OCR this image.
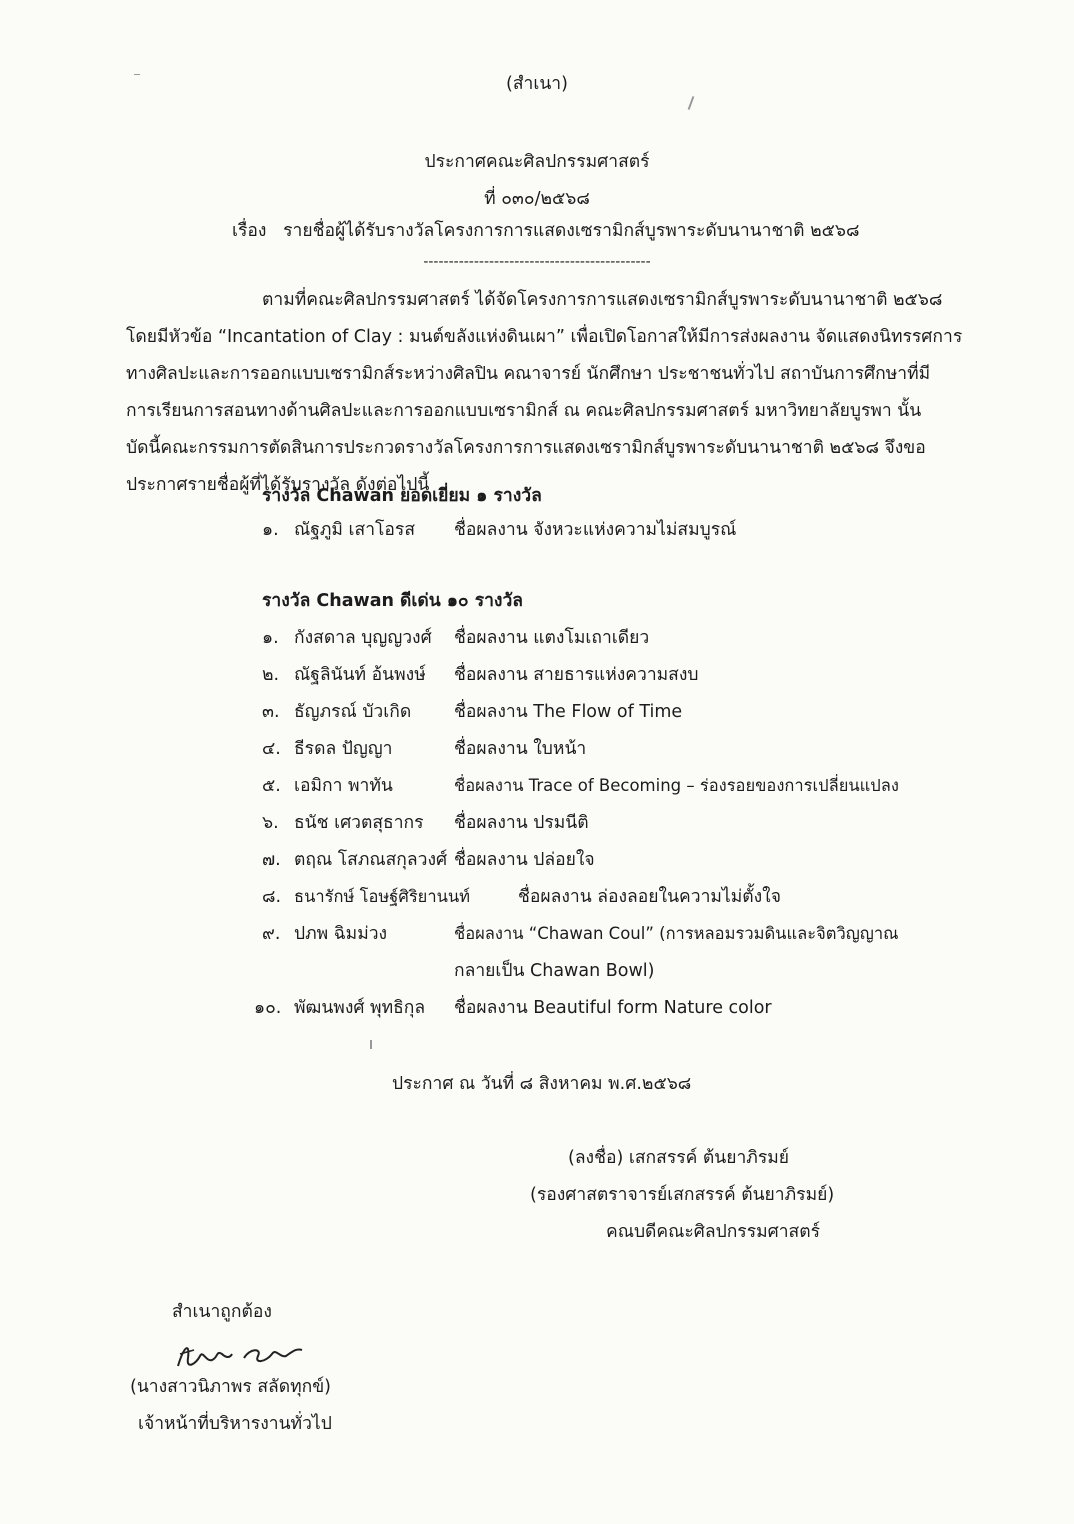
(สำเนา)
ประกาศคณะศิลปกรรมศาสตร์
ที่ ๐๓๐/๒๕๖๘
เรื่อง รายชื่อผู้ได้รับรางวัลโครงการการแสดงเซรามิกส์บูรพาระดับนานาชาติ ๒๕๖๘
---------------------------------------------
ตามที่คณะศิลปกรรมศาสตร์ ได้จัดโครงการการแสดงเซรามิกส์บูรพาระดับนานาชาติ ๒๕๖๘
โดยมีหัวข้อ “Incantation of Clay : มนต์ขลังแห่งดินเผา” เพื่อเปิดโอกาสให้มีการส่งผลงาน จัดแสดงนิทรรศการ
ทางศิลปะและการออกแบบเซรามิกส์ระหว่างศิลปิน คณาจารย์ นักศึกษา ประชาชนทั่วไป สถาบันการศึกษาที่มี
การเรียนการสอนทางด้านศิลปะและการออกแบบเซรามิกส์ ณ คณะศิลปกรรมศาสตร์ มหาวิทยาลัยบูรพา นั้น
บัดนี้คณะกรรมการตัดสินการประกวดรางวัลโครงการการแสดงเซรามิกส์บูรพาระดับนานาชาติ ๒๕๖๘ จึงขอ
ประกาศรายชื่อผู้ที่ได้รับรางวัล ดังต่อไปนี้
รางวัล Chawan ยอดเยี่ยม ๑ รางวัล
๑. ณัฐภูมิ เสาโอรส ชื่อผลงาน จังหวะแห่งความไม่สมบูรณ์
รางวัล Chawan ดีเด่น ๑๐ รางวัล
๑. กังสดาล บุญญวงศ์ ชื่อผลงาน แตงโมเถาเดียว
๒. ณัฐลินันท์ อ้นพงษ์ ชื่อผลงาน สายธารแห่งความสงบ
๓. ธัญภรณ์ บัวเกิด ชื่อผลงาน The Flow of Time
๔. ธีรดล ปัญญา	ชื่อผลงาน ใบหน้า
๕. เอมิกา พาทัน	ชื่อผลงาน Trace of Becoming – ร่องรอยของการเปลี่ยนแปลง
๖. ธนัช เศวตสุธากร ชื่อผลงาน ปรมนีติ
๗. ตฤณ โสภณสกุลวงศ์ ชื่อผลงาน ปล่อยใจ
๘. ธนารักษ์ โอษฐ์ศิริยานนท์	ชื่อผลงาน ล่องลอยในความไม่ตั้งใจ
๙. ปภพ ฉิมม่วง	ชื่อผลงาน “Chawan Coul” (การหลอมรวมดินและจิตวิญญาณ
กลายเป็น Chawan Bowl)
๑๐. พัฒนพงศ์ พุทธิกุล ชื่อผลงาน Beautiful form Nature color
ประกาศ ณ วันที่ ๘ สิงหาคม พ.ศ.๒๕๖๘
(ลงชื่อ) เสกสรรค์ ต้นยาภิรมย์
(รองศาสตราจารย์เสกสรรค์ ต้นยาภิรมย์)
คณบดีคณะศิลปกรรมศาสตร์
สำเนาถูกต้อง
(นางสาวนิภาพร สลัดทุกข์)
เจ้าหน้าที่บริหารงานทั่วไป
